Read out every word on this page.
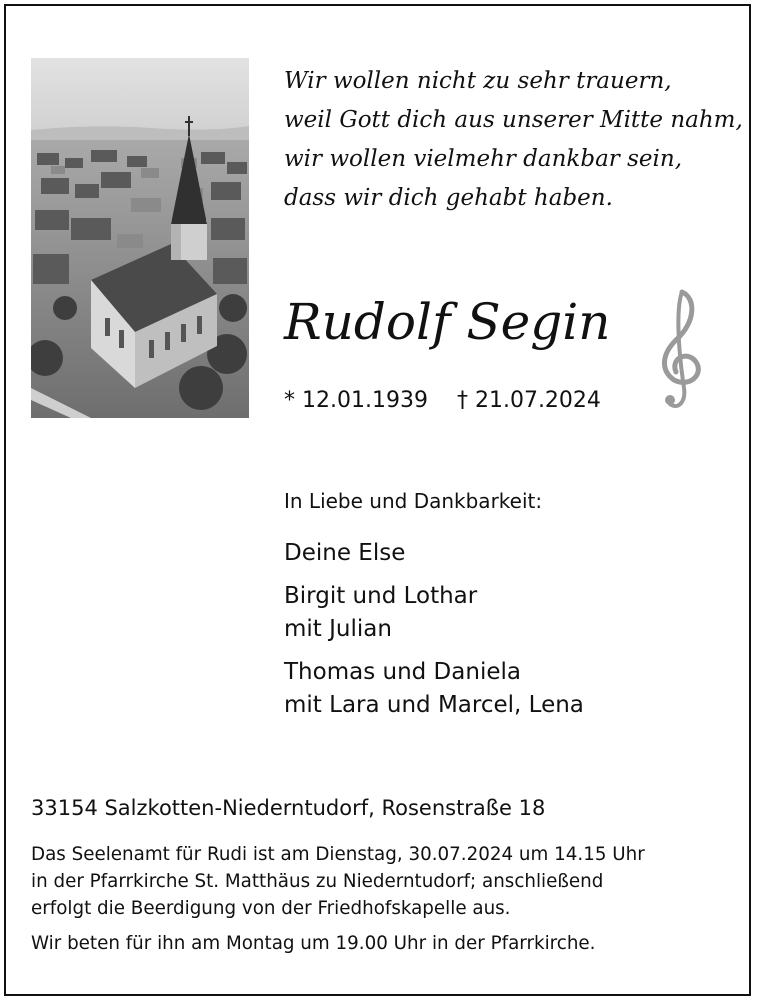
Wir wollen nicht zu sehr trauern,
weil Gott dich aus unserer Mitte nahm,
wir wollen vielmehr dankbar sein,
dass wir dich gehabt haben.
Rudolf Segin
* 12.01.1939 † 21.07.2024
In Liebe und Dankbarkeit:
Deine Else
Birgit und Lothar
mit Julian
Thomas und Daniela
mit Lara und Marcel, Lena
33154 Salzkotten-Niederntudorf, Rosenstraße 18
Das Seelenamt für Rudi ist am Dienstag, 30.07.2024 um 14.15 Uhr
in der Pfarrkirche St. Matthäus zu Niederntudorf; anschließend
erfolgt die Beerdigung von der Friedhofskapelle aus.
Wir beten für ihn am Montag um 19.00 Uhr in der Pfarrkirche.
